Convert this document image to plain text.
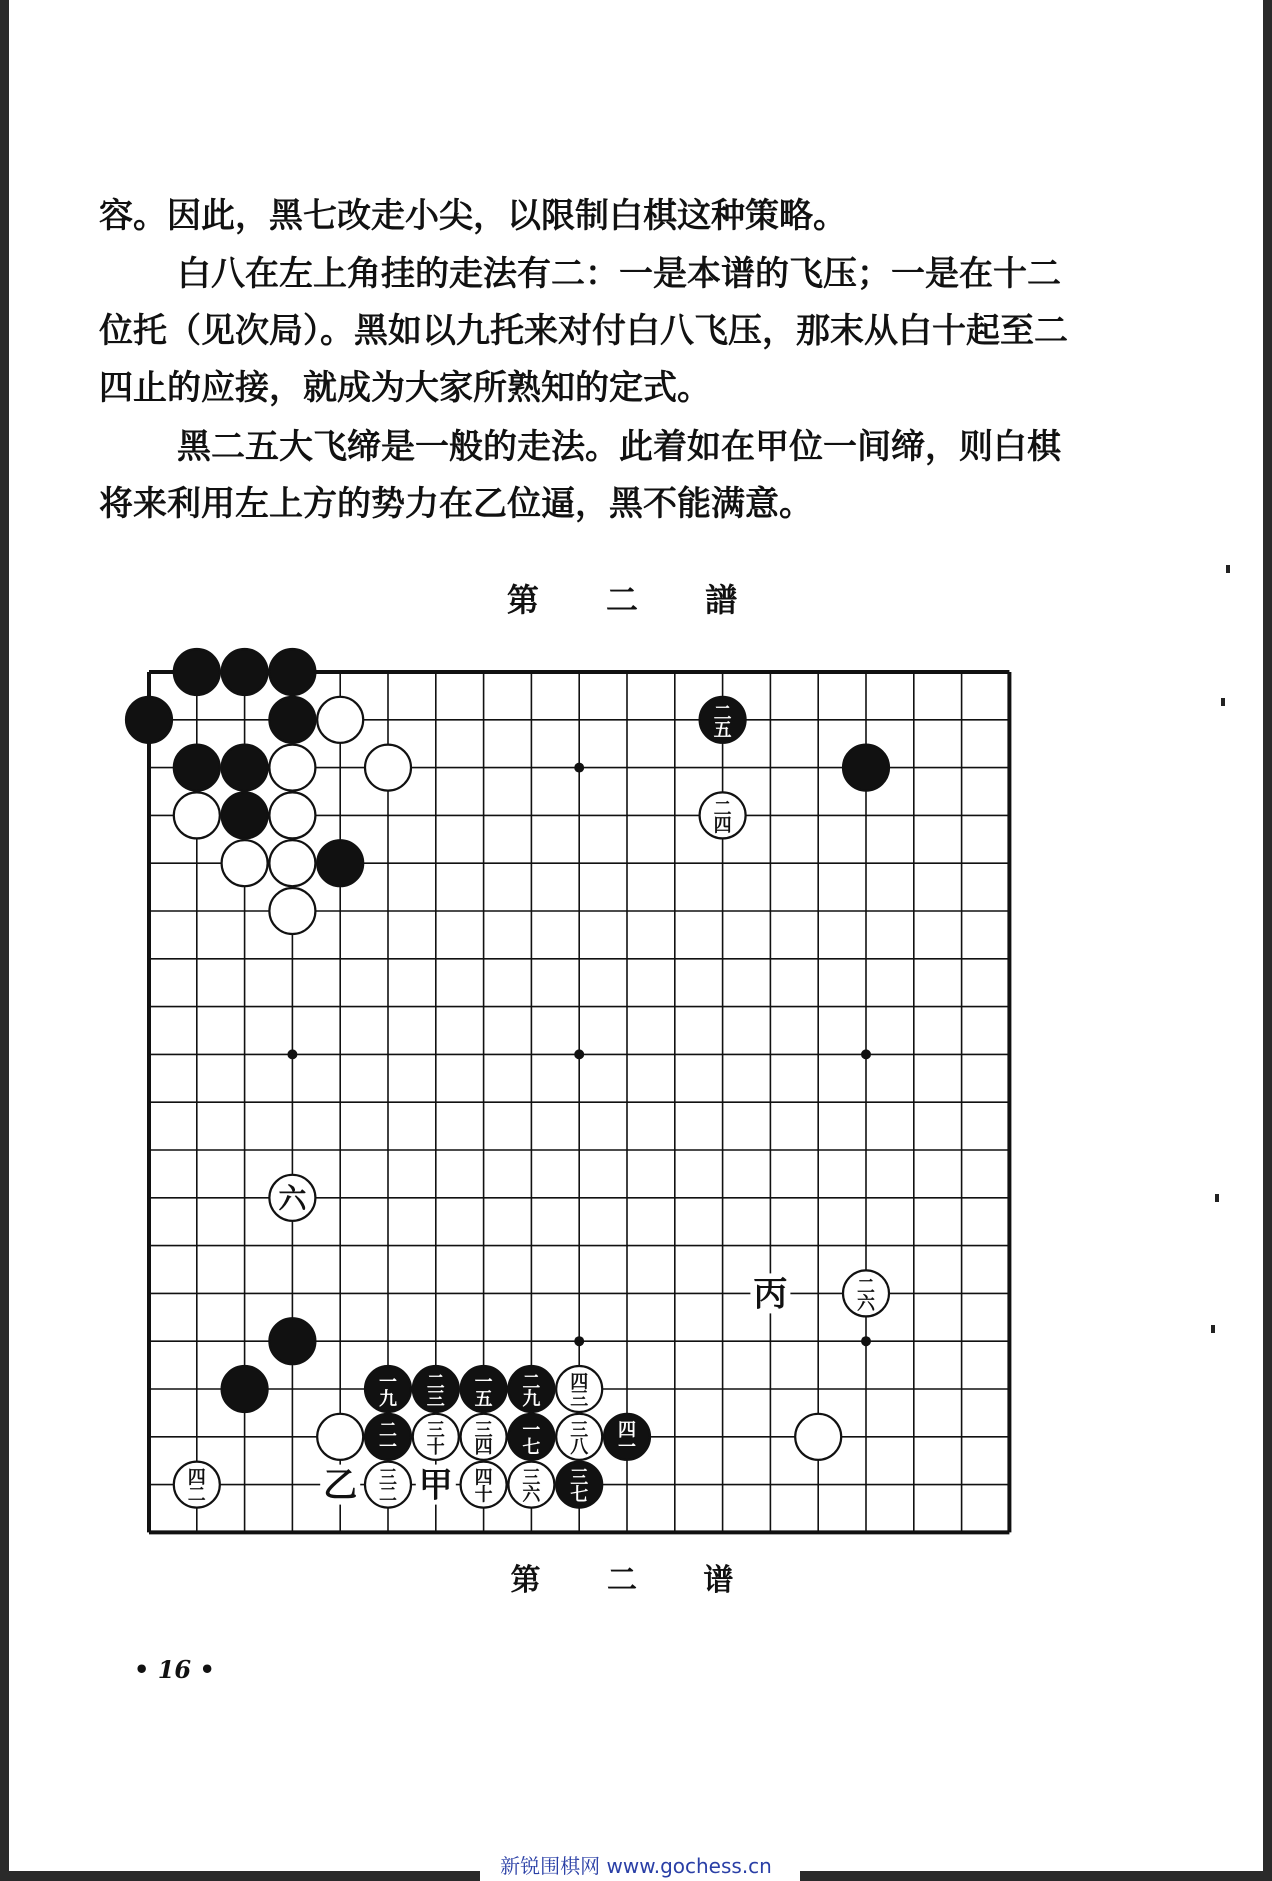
容。因此，黑七改走小尖，以限制白棋这种策略。

白八在左上角挂的走法有二：一是本谱的飞压；一是在十二位托（见次局）。黑如以九托来对付白八飞压，那末从白十起至二四止的应接，就成为大家所熟知的定式。

黑二五大飞缔是一般的走法。此着如在甲位一间缔，则白棋将来利用左上方的势力在乙位逼，黑不能满意。

第 二 譜
乙 甲
丙
二
五
二
四
六
二
六
一
九
二
三
一
五
二
九
四
三
二
一
三
十
三
四
一
七
三
八
四
一
四
二
三
二
四
十
三
六
三
七
第 二 谱
• 16 •
新锐围棋网 www.gochess.cn
